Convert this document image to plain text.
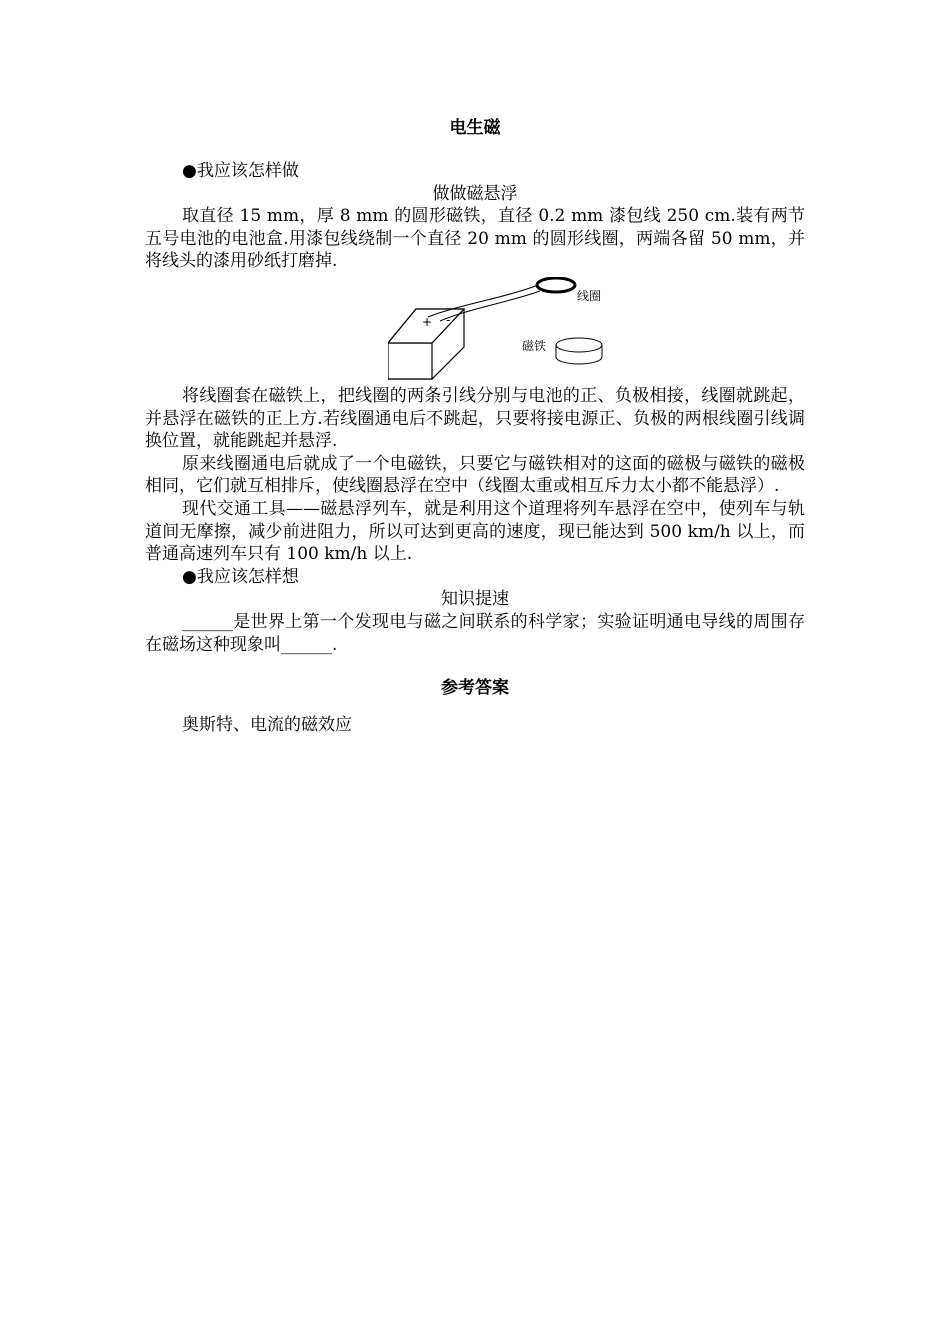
电生磁

●我应该怎样做

做做磁悬浮

取直径 15 mm，厚 8 mm 的圆形磁铁，直径 0.2 mm 漆包线 250 cm.装有两节五号电池的电池盒.用漆包线绕制一个直径 20 mm 的圆形线圈，两端各留 50 mm，并将线头的漆用砂纸打磨掉.

+ -
线圈
磁铁

将线圈套在磁铁上，把线圈的两条引线分别与电池的正、负极相接，线圈就跳起，并悬浮在磁铁的正上方.若线圈通电后不跳起，只要将接电源正、负极的两根线圈引线调换位置，就能跳起并悬浮.

原来线圈通电后就成了一个电磁铁，只要它与磁铁相对的这面的磁极与磁铁的磁极相同，它们就互相排斥，使线圈悬浮在空中（线圈太重或相互斥力太小都不能悬浮）.

现代交通工具——磁悬浮列车，就是利用这个道理将列车悬浮在空中，使列车与轨道间无摩擦，减少前进阻力，所以可达到更高的速度，现已能达到 500 km/h 以上，而普通高速列车只有 100 km/h 以上.

●我应该怎样想

知识提速

______是世界上第一个发现电与磁之间联系的科学家；实验证明通电导线的周围存在磁场这种现象叫______.

参考答案

奥斯特、电流的磁效应
